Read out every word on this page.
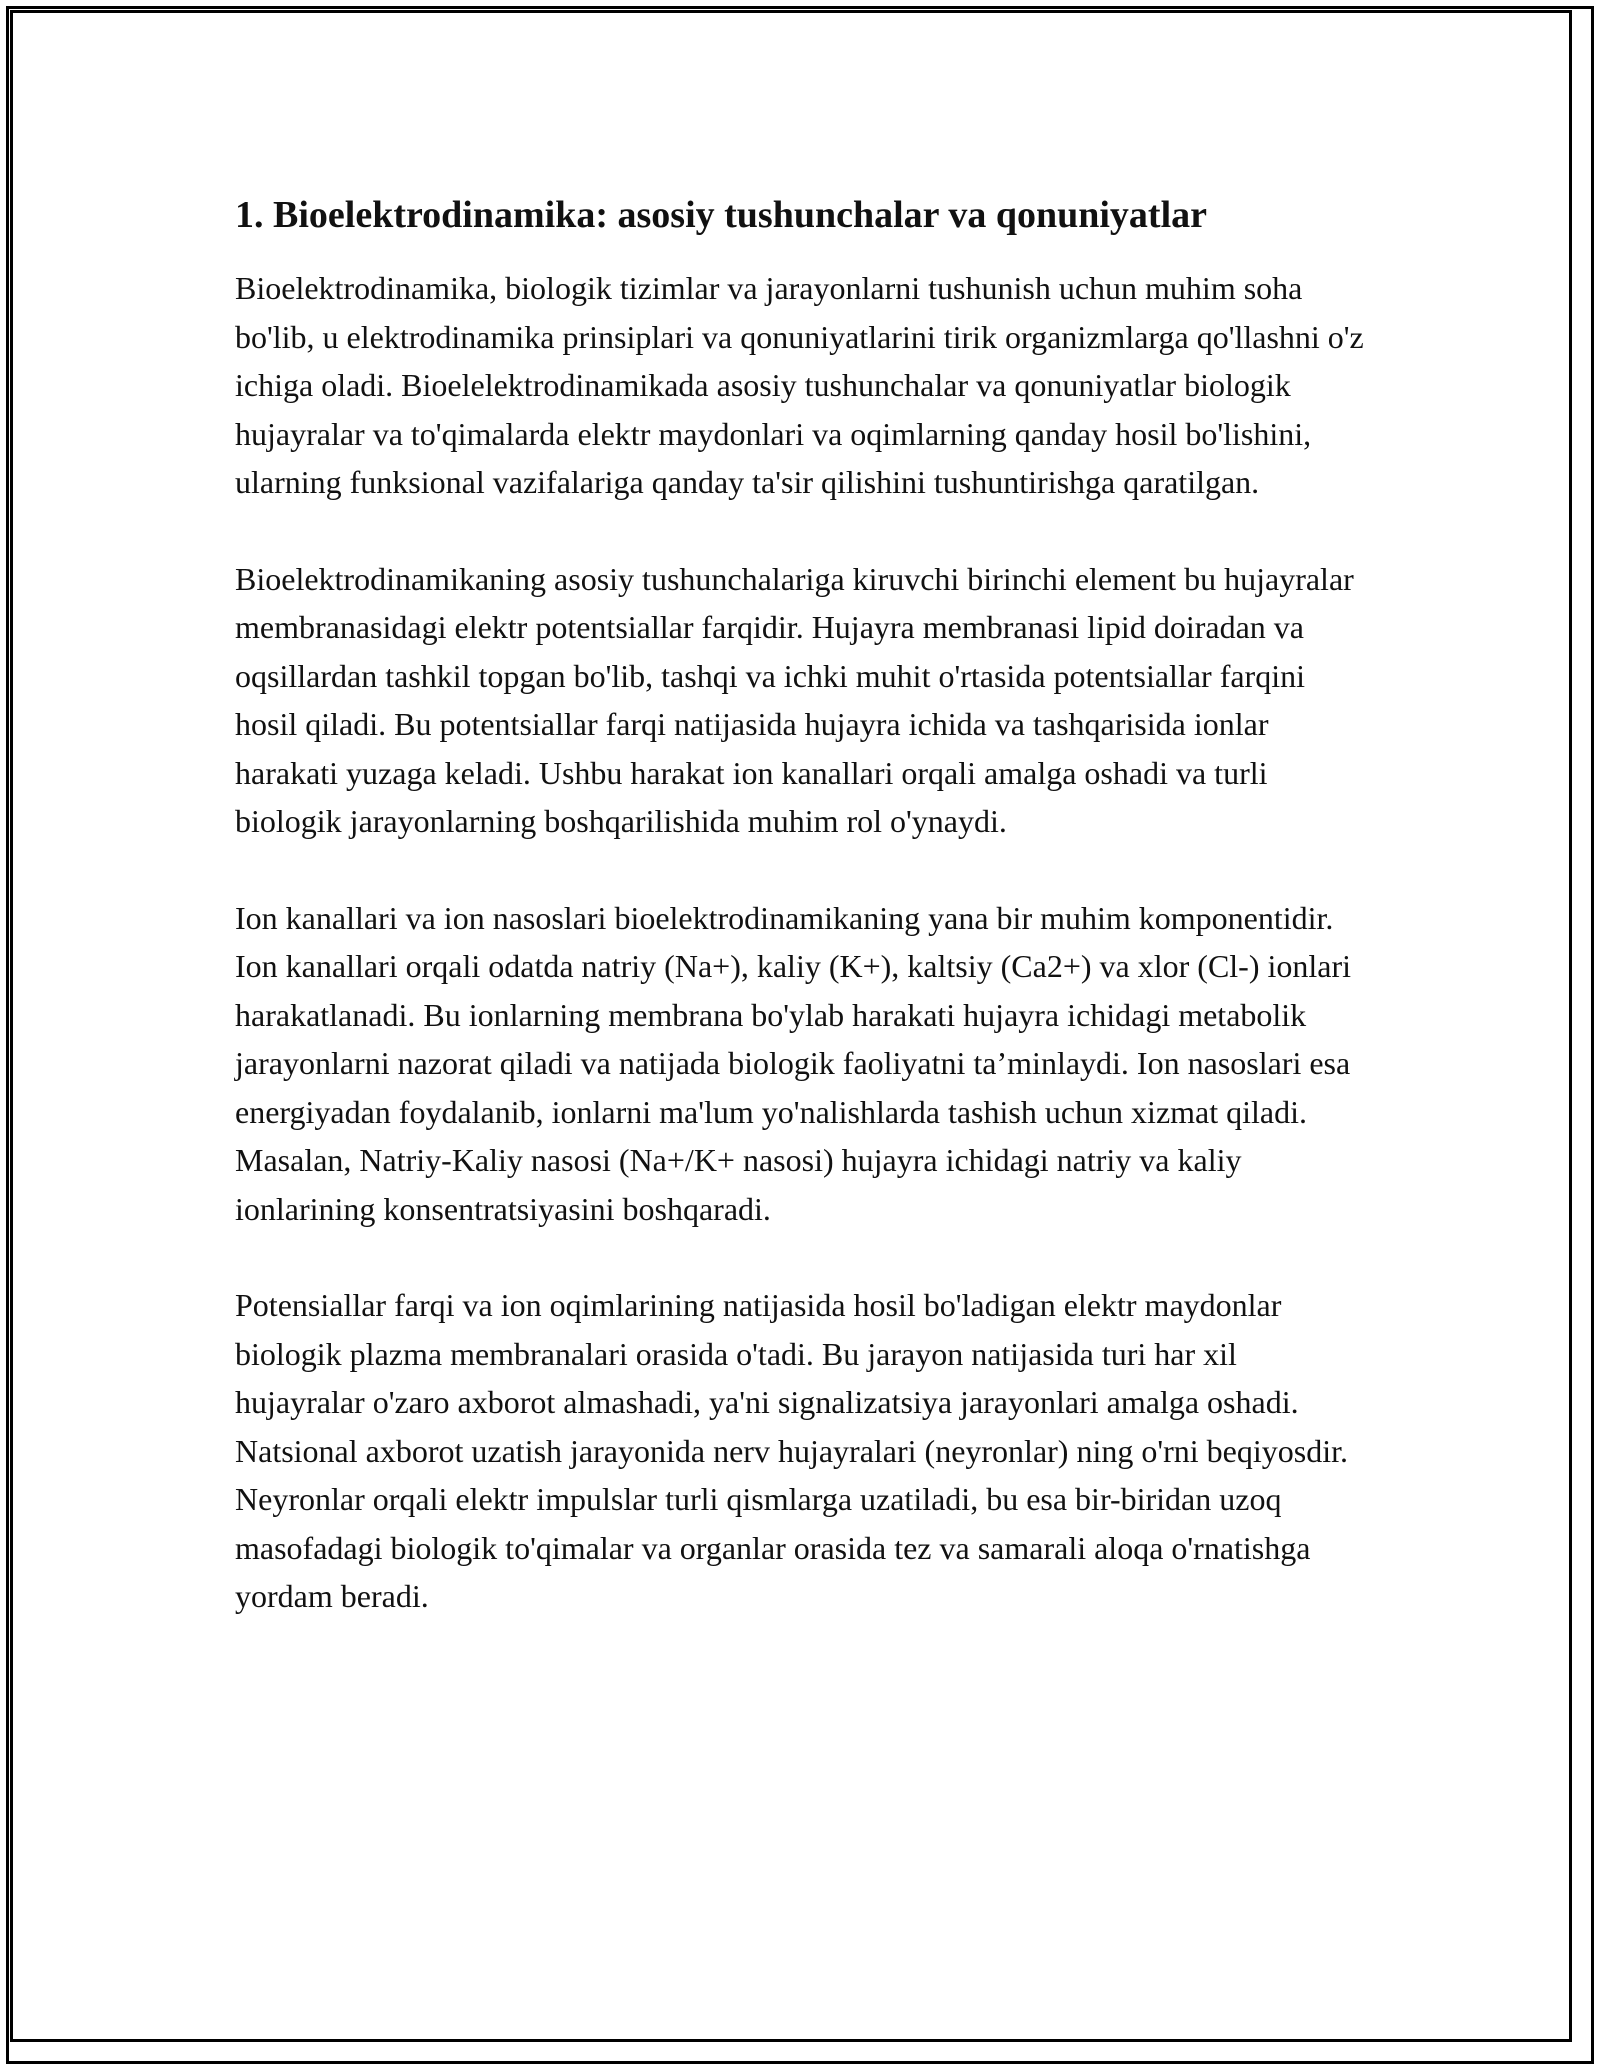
1. Bioelektrodinamika: asosiy tushunchalar va qonuniyatlar

Bioelektrodinamika, biologik tizimlar va jarayonlarni tushunish uchun muhim soha bo'lib, u elektrodinamika prinsiplari va qonuniyatlarini tirik organizmlarga qo'llashni o'z ichiga oladi. Bioelelektrodinamikada asosiy tushunchalar va qonuniyatlar biologik hujayralar va to'qimalarda elektr maydonlari va oqimlarning qanday hosil bo'lishini, ularning funksional vazifalariga qanday ta'sir qilishini tushuntirishga qaratilgan.

Bioelektrodinamikaning asosiy tushunchalariga kiruvchi birinchi element bu hujayralar membranasidagi elektr potentsiallar farqidir. Hujayra membranasi lipid doiradan va oqsillardan tashkil topgan bo'lib, tashqi va ichki muhit o'rtasida potentsiallar farqini hosil qiladi. Bu potentsiallar farqi natijasida hujayra ichida va tashqarisida ionlar harakati yuzaga keladi. Ushbu harakat ion kanallari orqali amalga oshadi va turli biologik jarayonlarning boshqarilishida muhim rol o'ynaydi.

Ion kanallari va ion nasoslari bioelektrodinamikaning yana bir muhim komponentidir. Ion kanallari orqali odatda natriy (Na+), kaliy (K+), kaltsiy (Ca2+) va xlor (Cl-) ionlari harakatlanadi. Bu ionlarning membrana bo'ylab harakati hujayra ichidagi metabolik jarayonlarni nazorat qiladi va natijada biologik faoliyatni ta’minlaydi. Ion nasoslari esa energiyadan foydalanib, ionlarni ma'lum yo'nalishlarda tashish uchun xizmat qiladi. Masalan, Natriy-Kaliy nasosi (Na+/K+ nasosi) hujayra ichidagi natriy va kaliy ionlarining konsentratsiyasini boshqaradi.

Potensiallar farqi va ion oqimlarining natijasida hosil bo'ladigan elektr maydonlar biologik plazma membranalari orasida o'tadi. Bu jarayon natijasida turi har xil hujayralar o'zaro axborot almashadi, ya'ni signalizatsiya jarayonlari amalga oshadi. Natsional axborot uzatish jarayonida nerv hujayralari (neyronlar) ning o'rni beqiyosdir. Neyronlar orqali elektr impulslar turli qismlarga uzatiladi, bu esa bir-biridan uzoq masofadagi biologik to'qimalar va organlar orasida tez va samarali aloqa o'rnatishga yordam beradi.
